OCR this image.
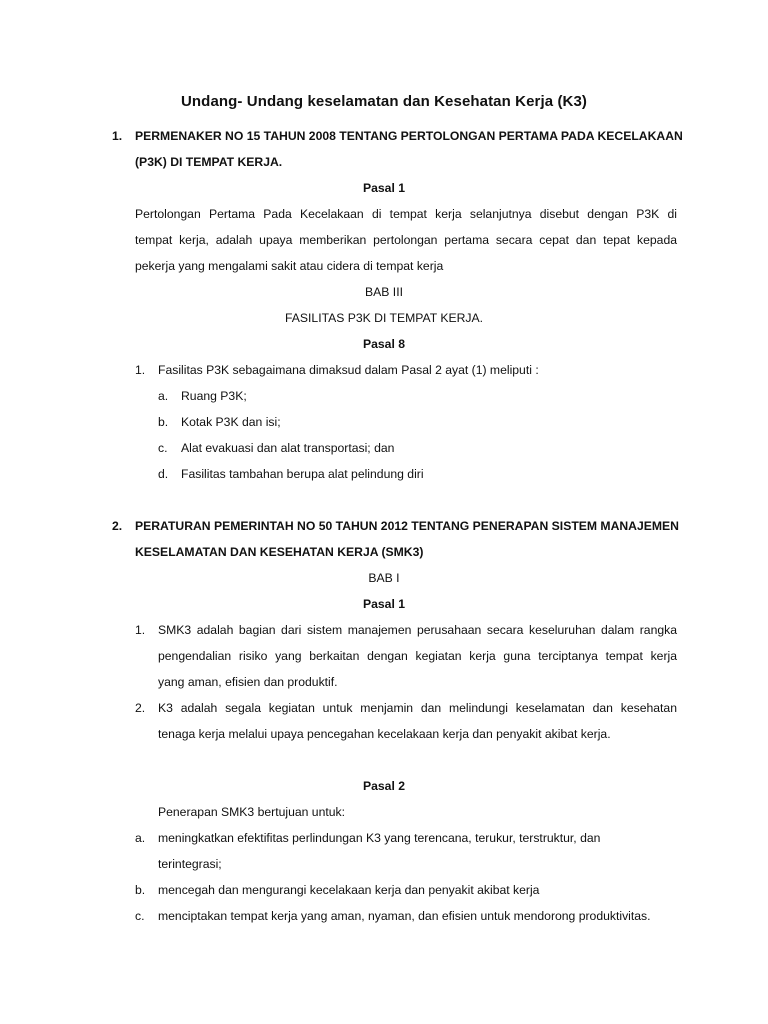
Undang- Undang keselamatan dan Kesehatan Kerja (K3)
1. PERMENAKER NO 15 TAHUN 2008 TENTANG PERTOLONGAN PERTAMA PADA KECELAKAAN
(P3K) DI TEMPAT KERJA.
Pasal 1
Pertolongan Pertama Pada Kecelakaan di tempat kerja selanjutnya disebut dengan P3K di
tempat kerja, adalah upaya memberikan pertolongan pertama secara cepat dan tepat kepada
pekerja yang mengalami sakit atau cidera di tempat kerja
BAB III
FASILITAS P3K DI TEMPAT KERJA.
Pasal 8
1. Fasilitas P3K sebagaimana dimaksud dalam Pasal 2 ayat (1) meliputi :
a. Ruang P3K;
b. Kotak P3K dan isi;
c. Alat evakuasi dan alat transportasi; dan
d. Fasilitas tambahan berupa alat pelindung diri
2. PERATURAN PEMERINTAH NO 50 TAHUN 2012 TENTANG PENERAPAN SISTEM MANAJEMEN
KESELAMATAN DAN KESEHATAN KERJA (SMK3)
BAB I
Pasal 1
1. SMK3 adalah bagian dari sistem manajemen perusahaan secara keseluruhan dalam rangka
pengendalian risiko yang berkaitan dengan kegiatan kerja guna terciptanya tempat kerja
yang aman, efisien dan produktif.
2. K3 adalah segala kegiatan untuk menjamin dan melindungi keselamatan dan kesehatan
tenaga kerja melalui upaya pencegahan kecelakaan kerja dan penyakit akibat kerja.
Pasal 2
Penerapan SMK3 bertujuan untuk:
a. meningkatkan efektifitas perlindungan K3 yang terencana, terukur, terstruktur, dan
terintegrasi;
b. mencegah dan mengurangi kecelakaan kerja dan penyakit akibat kerja
c. menciptakan tempat kerja yang aman, nyaman, dan efisien untuk mendorong produktivitas.
